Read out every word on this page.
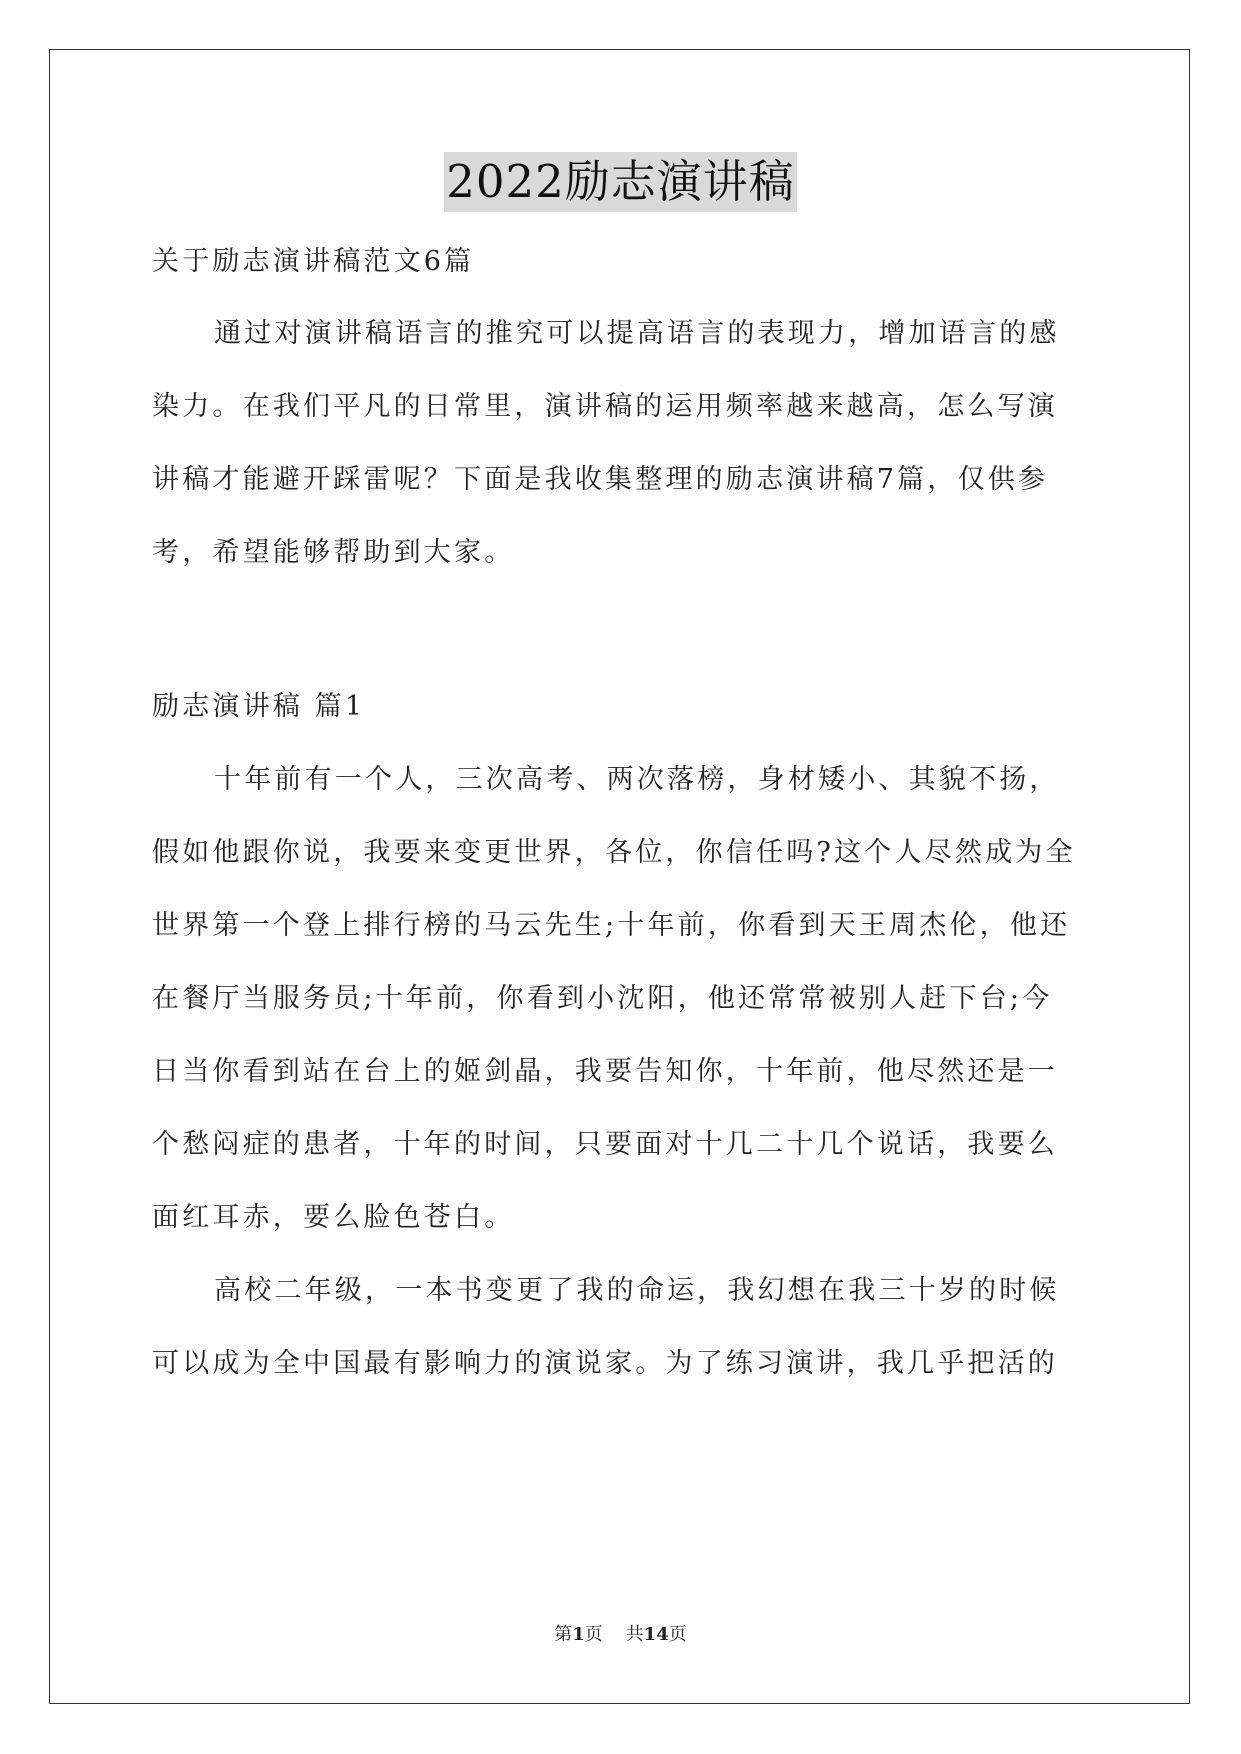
2022励志演讲稿
关于励志演讲稿范文6篇
通过对演讲稿语言的推究可以提高语言的表现力，增加语言的感
染力。在我们平凡的日常里，演讲稿的运用频率越来越高，怎么写演
讲稿才能避开踩雷呢？下面是我收集整理的励志演讲稿7篇，仅供参
考，希望能够帮助到大家。
励志演讲稿 篇1
十年前有一个人，三次高考、两次落榜，身材矮小、其貌不扬，
假如他跟你说，我要来变更世界，各位，你信任吗?这个人尽然成为全
世界第一个登上排行榜的马云先生;十年前，你看到天王周杰伦，他还
在餐厅当服务员;十年前，你看到小沈阳，他还常常被别人赶下台;今
日当你看到站在台上的姬剑晶，我要告知你，十年前，他尽然还是一
个愁闷症的患者，十年的时间，只要面对十几二十几个说话，我要么
面红耳赤，要么脸色苍白。
高校二年级，一本书变更了我的命运，我幻想在我三十岁的时候
可以成为全中国最有影响力的演说家。为了练习演讲，我几乎把活的
第1页 共14页
